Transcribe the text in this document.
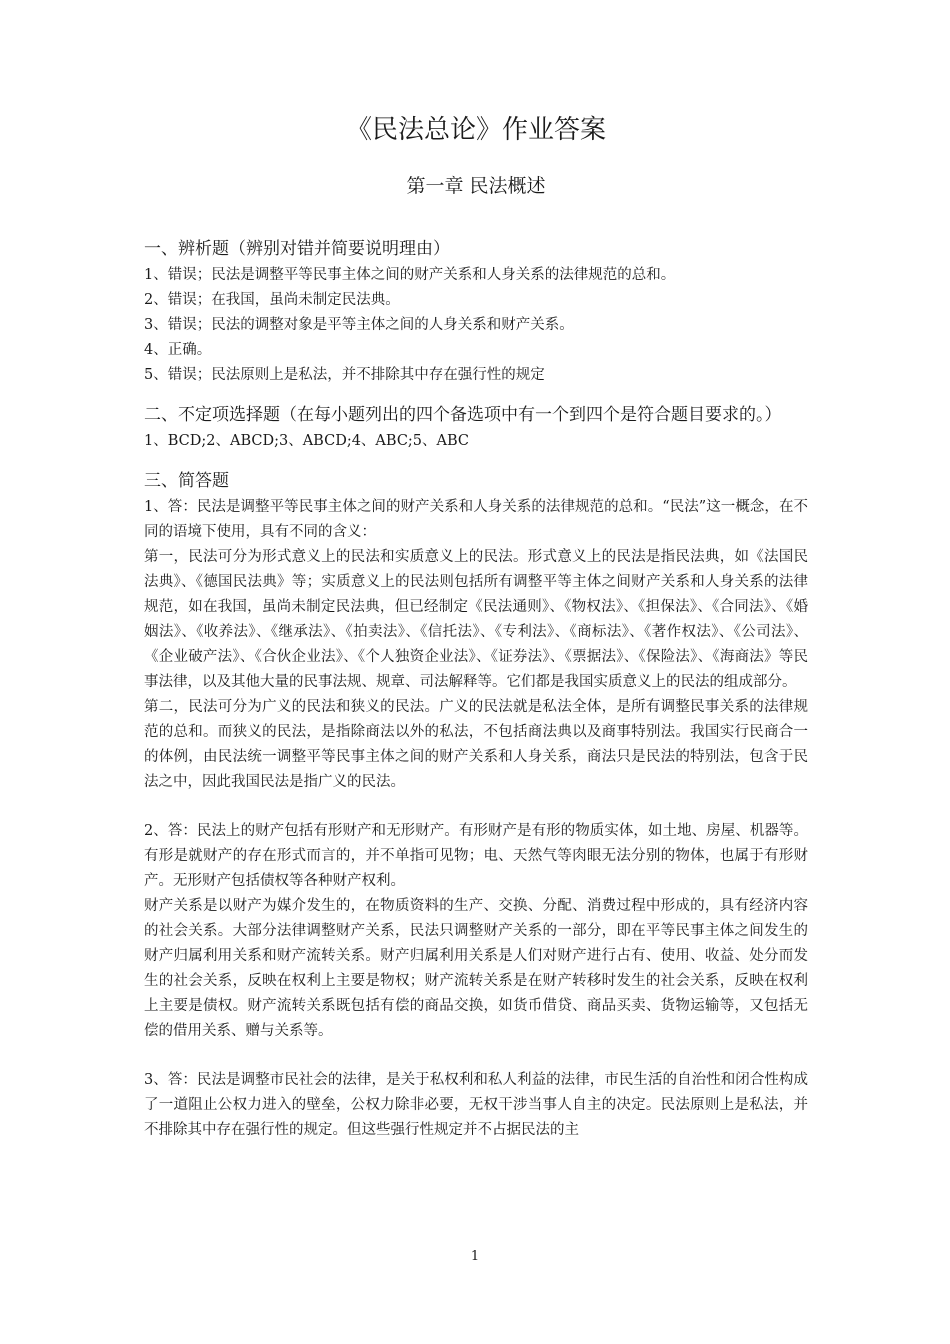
《民法总论》作业答案
第一章 民法概述

一、辨析题（辨别对错并简要说明理由）

1、错误；民法是调整平等民事主体之间的财产关系和人身关系的法律规范的总和。

2、错误；在我国，虽尚未制定民法典。

3、错误；民法的调整对象是平等主体之间的人身关系和财产关系。

4、正确。

5、错误；民法原则上是私法，并不排除其中存在强行性的规定

二、不定项选择题（在每小题列出的四个备选项中有一个到四个是符合题目要求的。）

1、BCD;2、ABCD;3、ABCD;4、ABC;5、ABC

三、简答题

1、答：民法是调整平等民事主体之间的财产关系和人身关系的法律规范的总和。“民法”这一概念，在不同的语境下使用，具有不同的含义：

第一，民法可分为形式意义上的民法和实质意义上的民法。形式意义上的民法是指民法典，如《法国民法典》、《德国民法典》等；实质意义上的民法则包括所有调整平等主体之间财产关系和人身关系的法律规范，如在我国，虽尚未制定民法典，但已经制定《民法通则》、《物权法》、《担保法》、《合同法》、《婚姻法》、《收养法》、《继承法》、《拍卖法》、《信托法》、《专利法》、《商标法》、《著作权法》、《公司法》、《企业破产法》、《合伙企业法》、《个人独资企业法》、《证券法》、《票据法》、《保险法》、《海商法》等民事法律，以及其他大量的民事法规、规章、司法解释等。它们都是我国实质意义上的民法的组成部分。

第二，民法可分为广义的民法和狭义的民法。广义的民法就是私法全体，是所有调整民事关系的法律规范的总和。而狭义的民法，是指除商法以外的私法，不包括商法典以及商事特别法。我国实行民商合一的体例，由民法统一调整平等民事主体之间的财产关系和人身关系，商法只是民法的特别法，包含于民法之中，因此我国民法是指广义的民法。

2、答：民法上的财产包括有形财产和无形财产。有形财产是有形的物质实体，如土地、房屋、机器等。有形是就财产的存在形式而言的，并不单指可见物；电、天然气等肉眼无法分别的物体，也属于有形财产。无形财产包括债权等各种财产权利。

财产关系是以财产为媒介发生的，在物质资料的生产、交换、分配、消费过程中形成的，具有经济内容的社会关系。大部分法律调整财产关系，民法只调整财产关系的一部分，即在平等民事主体之间发生的财产归属利用关系和财产流转关系。财产归属利用关系是人们对财产进行占有、使用、收益、处分而发生的社会关系，反映在权利上主要是物权；财产流转关系是在财产转移时发生的社会关系，反映在权利上主要是债权。财产流转关系既包括有偿的商品交换，如货币借贷、商品买卖、货物运输等，又包括无偿的借用关系、赠与关系等。

3、答：民法是调整市民社会的法律，是关于私权利和私人利益的法律，市民生活的自治性和闭合性构成了一道阻止公权力进入的壁垒，公权力除非必要，无权干涉当事人自主的决定。民法原则上是私法，并不排除其中存在强行性的规定。但这些强行性规定并不占据民法的主

1
